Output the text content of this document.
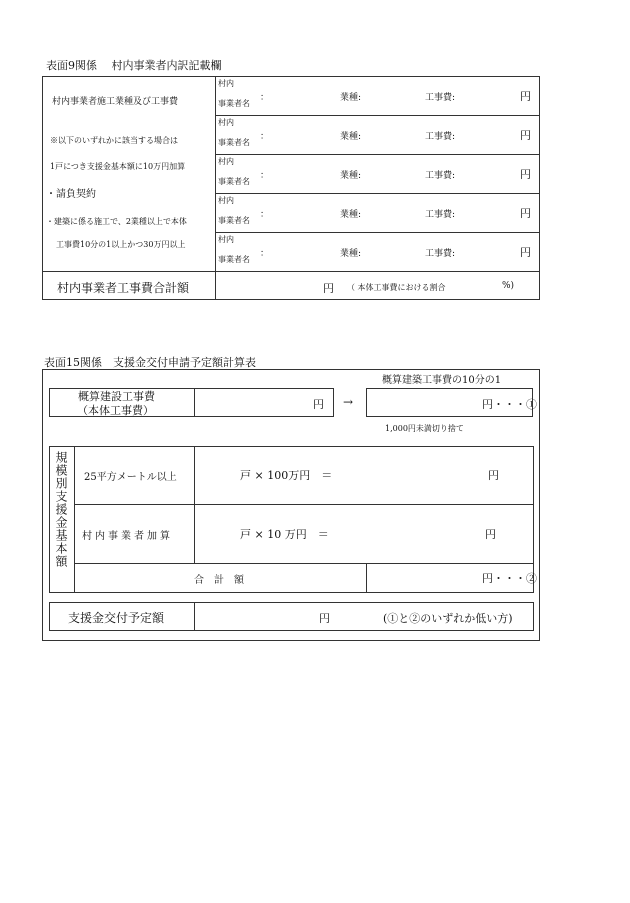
表面9関係　 村内事業者内訳記載欄
村内事業者施工業種及び工事費
※以下のいずれかに該当する場合は
1戸につき支援金基本額に10万円加算
・請負契約
・建築に係る施工で、2業種以上で本体
工事費10分の1以上かつ30万円以上
村内
事業者名
：	業種:	工事費:	円
村内
事業者名
：	業種:	工事費:	円
村内
事業者名
：	業種:	工事費:	円
村内
事業者名
：	業種:	工事費:	円
村内
事業者名
：	業種:	工事費:	円
村内事業者工事費合計額	円 （ 本体工事費における割合	%)
表面15関係　支援金交付申請予定額計算表
概算建築工事費の10分の1
概算建設工事費
（本体工事費）	円 →	円・・・①
1,000円未満切り捨て
規模別支援金基本額 25平方メートル以上	戸 × 100万円　＝	円
村内事業者加算	戸 × 10 万円　＝	円
合　計　額	円・・・②
支援金交付予定額	円	(①と②のいずれか低い方)
